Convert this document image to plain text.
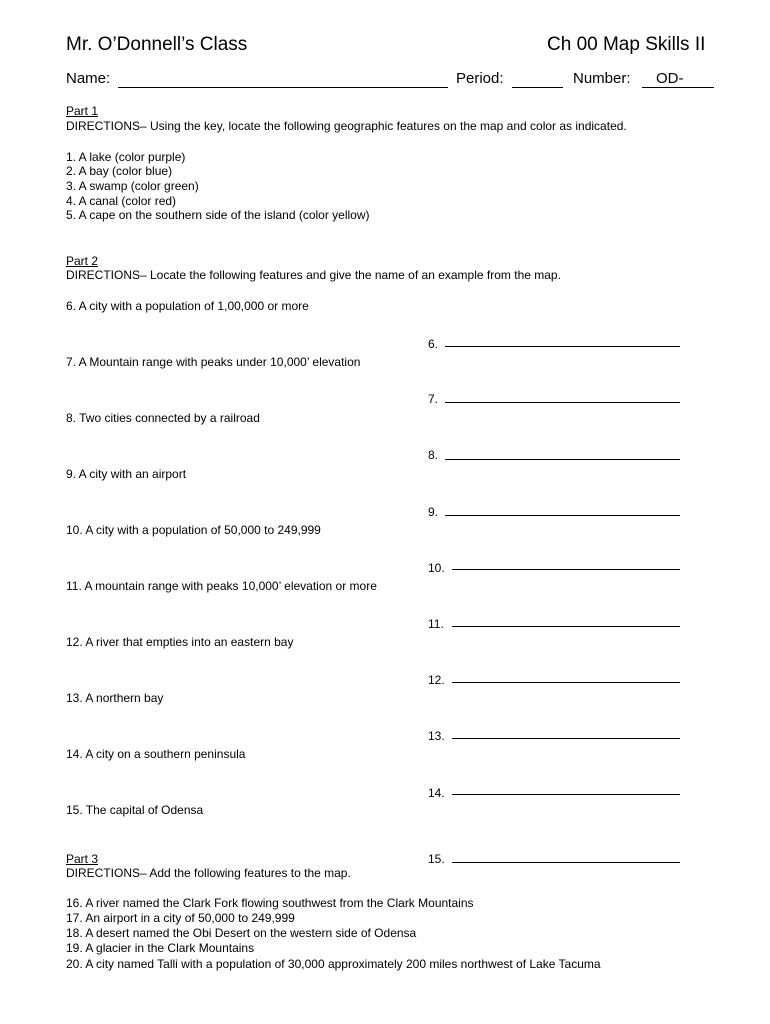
Mr. O’Donnell’s Class	Ch 00 Map Skills II
Name:	Period:	Number: OD-
Part 1
DIRECTIONS– Using the key, locate the following geographic features on the map and color as indicated.
1. A lake (color purple)
2. A bay (color blue)
3. A swamp (color green)
4. A canal (color red)
5. A cape on the southern side of the island (color yellow)
Part 2
DIRECTIONS– Locate the following features and give the name of an example from the map.
6. A city with a population of 1,00,000 or more
6.
7. A Mountain range with peaks under 10,000’ elevation
7.
8. Two cities connected by a railroad
8.
9. A city with an airport
9.
10. A city with a population of 50,000 to 249,999
10.
11. A mountain range with peaks 10,000’ elevation or more
11.
12. A river that empties into an eastern bay
12.
13. A northern bay
13.
14. A city on a southern peninsula
14.
15. The capital of Odensa
15.
Part 3
DIRECTIONS– Add the following features to the map.
16. A river named the Clark Fork flowing southwest from the Clark Mountains
17. An airport in a city of 50,000 to 249,999
18. A desert named the Obi Desert on the western side of Odensa
19. A glacier in the Clark Mountains
20. A city named Talli with a population of 30,000 approximately 200 miles northwest of Lake Tacuma
